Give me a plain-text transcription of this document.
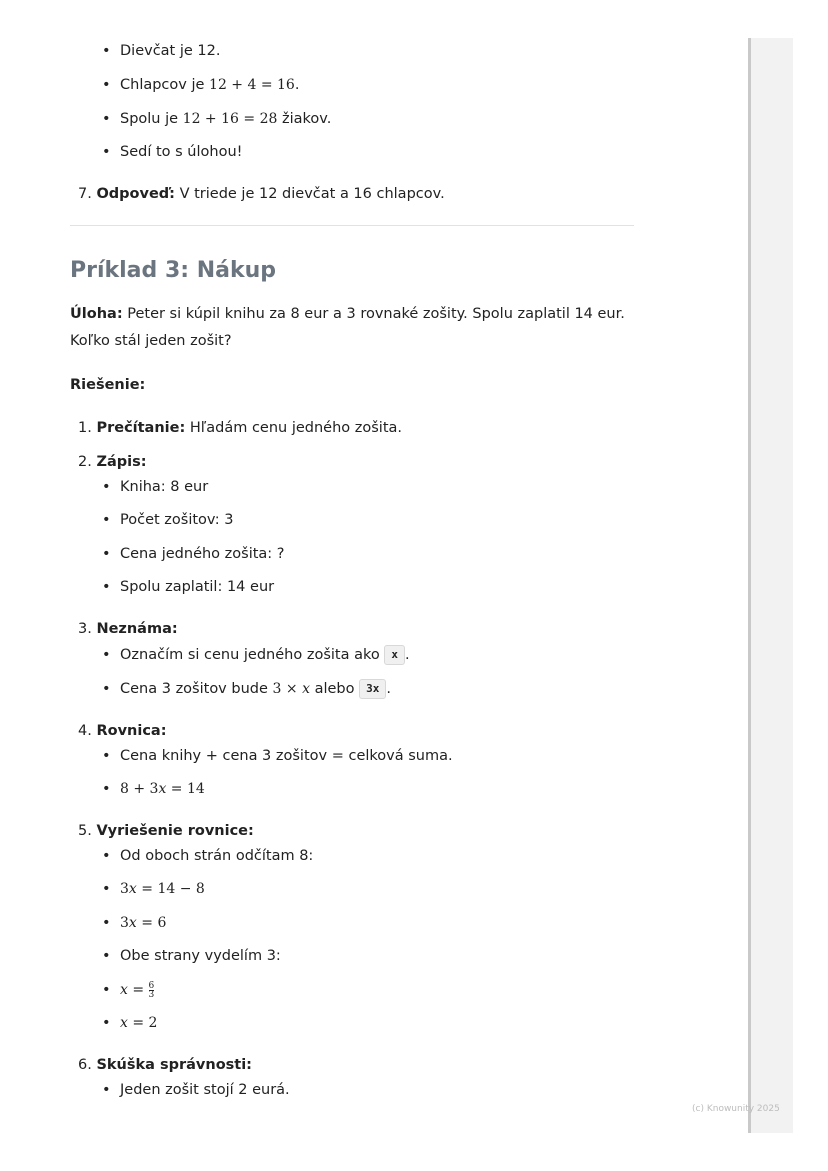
• Dievčat je 12.
• Chlapcov je 12 + 4 = 16.
• Spolu je 12 + 16 = 28 žiakov.
• Sedí to s úlohou!
7. Odpoveď: V triede je 12 dievčat a 16 chlapcov.
Príklad 3: Nákup
Úloha: Peter si kúpil knihu za 8 eur a 3 rovnaké zošity. Spolu zaplatil 14 eur.
Koľko stál jeden zošit?
Riešenie:
1. Prečítanie: Hľadám cenu jedného zošita.
2. Zápis:
• Kniha: 8 eur
• Počet zošitov: 3
• Cena jedného zošita: ?
• Spolu zaplatil: 14 eur
3. Neznáma:
• Označím si cenu jedného zošita ako x .
• Cena 3 zošitov bude 3 × x alebo 3x .
4. Rovnica:
• Cena knihy + cena 3 zošitov = celková suma.
• 8 + 3x = 14
5. Vyriešenie rovnice:
• Od oboch strán odčítam 8:
• 3x = 14 − 8
• 3x = 6
• Obe strany vydelím 3:
• $x = \frac{6}{3}$
• x = 2
6. Skúška správnosti:
• Jeden zošit stojí 2 eurá.
(c) Knowunity 2025
